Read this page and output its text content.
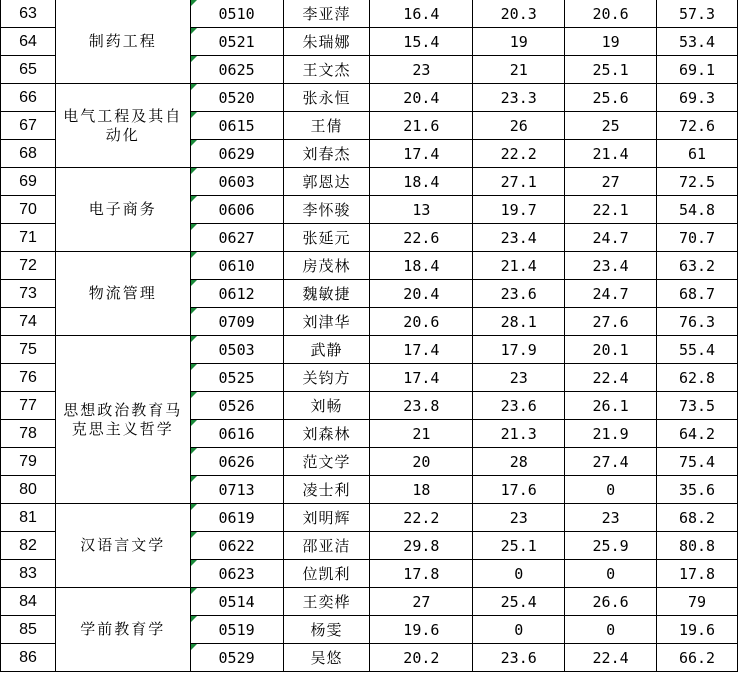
63	制药工程	0510	李亚萍	16.4	20.3	20.6	57.3
64		0521	朱瑞娜	15.4	19	19	53.4
65		0625	王文杰	23	21	25.1	69.1
66	电气工程及其自动化	0520	张永恒	20.4	23.3	25.6	69.3
67		0615	王倩	21.6	26	25	72.6
68		0629	刘春杰	17.4	22.2	21.4	61
69	电子商务	0603	郭恩达	18.4	27.1	27	72.5
70		0606	李怀骏	13	19.7	22.1	54.8
71		0627	张延元	22.6	23.4	24.7	70.7
72	物流管理	0610	房茂林	18.4	21.4	23.4	63.2
73		0612	魏敏捷	20.4	23.6	24.7	68.7
74		0709	刘津华	20.6	28.1	27.6	76.3
75	思想政治教育马克思主义哲学	0503	武静	17.4	17.9	20.1	55.4
76		0525	关钧方	17.4	23	22.4	62.8
77		0526	刘畅	23.8	23.6	26.1	73.5
78		0616	刘森林	21	21.3	21.9	64.2
79		0626	范文学	20	28	27.4	75.4
80		0713	凌士利	18	17.6	0	35.6
81	汉语言文学	0619	刘明辉	22.2	23	23	68.2
82		0622	邵亚洁	29.8	25.1	25.9	80.8
83		0623	位凯利	17.8	0	0	17.8
84	学前教育学	0514	王奕桦	27	25.4	26.6	79
85		0519	杨雯	19.6	0	0	19.6
86		0529	吴悠	20.2	23.6	22.4	66.2
